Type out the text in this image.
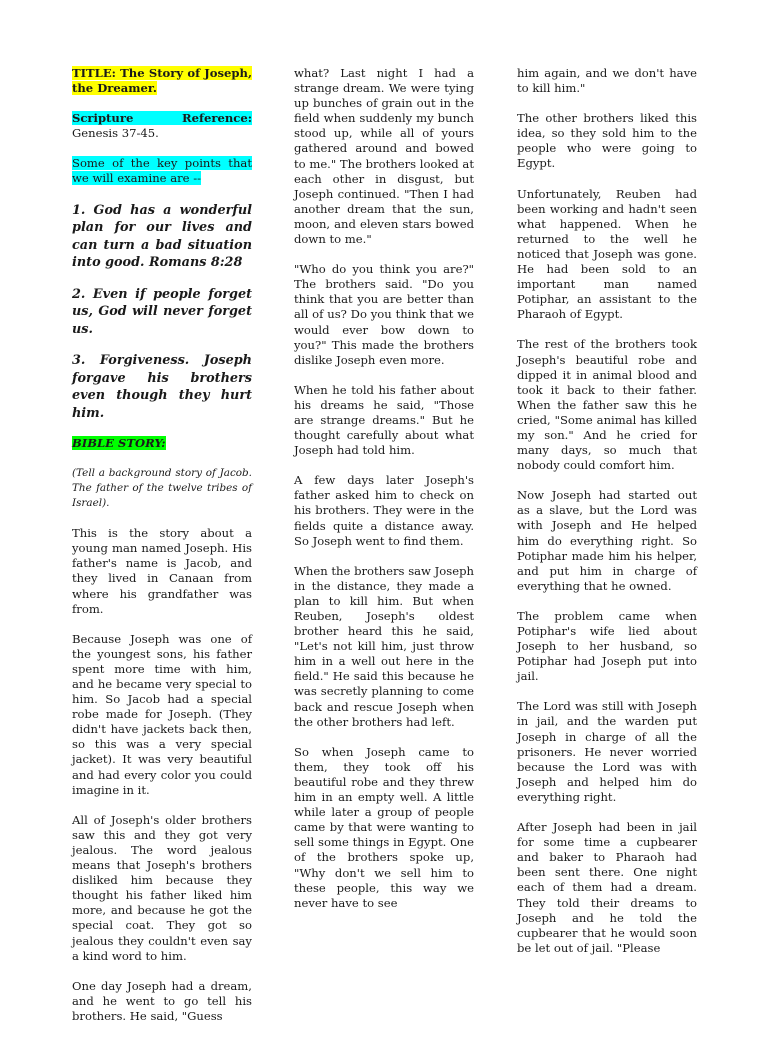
TITLE: The Story of Joseph, the Dreamer.

Scripture Reference: Genesis 37-45.

Some of the key points that we will examine are --

1. God has a wonderful plan for our lives and can turn a bad situation into good. Romans 8:28

2. Even if people forget us, God will never forget us.

3. Forgiveness. Joseph forgave his brothers even though they hurt him.

BIBLE STORY:

(Tell a background story of Jacob. The father of the twelve tribes of Israel).

This is the story about a young man named Joseph. His father's name is Jacob, and they lived in Canaan from where his grandfather was from.

Because Joseph was one of the youngest sons, his father spent more time with him, and he became very special to him. So Jacob had a special robe made for Joseph. (They didn't have jackets back then, so this was a very special jacket). It was very beautiful and had every color you could imagine in it.

All of Joseph's older brothers saw this and they got very jealous. The word jealous means that Joseph's brothers disliked him because they thought his father liked him more, and because he got the special coat. They got so jealous they couldn't even say a kind word to him.

One day Joseph had a dream, and he went to go tell his brothers. He said, "Guess

what? Last night I had a strange dream. We were tying up bunches of grain out in the field when suddenly my bunch stood up, while all of yours gathered around and bowed to me." The brothers looked at each other in disgust, but Joseph continued. "Then I had another dream that the sun, moon, and eleven stars bowed down to me."

"Who do you think you are?" The brothers said. "Do you think that you are better than all of us? Do you think that we would ever bow down to you?" This made the brothers dislike Joseph even more.

When he told his father about his dreams he said, "Those are strange dreams." But he thought carefully about what Joseph had told him.

A few days later Joseph's father asked him to check on his brothers. They were in the fields quite a distance away. So Joseph went to find them.

When the brothers saw Joseph in the distance, they made a plan to kill him. But when Reuben, Joseph's oldest brother heard this he said, "Let's not kill him, just throw him in a well out here in the field." He said this because he was secretly planning to come back and rescue Joseph when the other brothers had left.

So when Joseph came to them, they took off his beautiful robe and they threw him in an empty well. A little while later a group of people came by that were wanting to sell some things in Egypt. One of the brothers spoke up, "Why don't we sell him to these people, this way we never have to see

him again, and we don't have to kill him."

The other brothers liked this idea, so they sold him to the people who were going to Egypt.

Unfortunately, Reuben had been working and hadn't seen what happened. When he returned to the well he noticed that Joseph was gone. He had been sold to an important man named Potiphar, an assistant to the Pharaoh of Egypt.

The rest of the brothers took Joseph's beautiful robe and dipped it in animal blood and took it back to their father. When the father saw this he cried, "Some animal has killed my son." And he cried for many days, so much that nobody could comfort him.

Now Joseph had started out as a slave, but the Lord was with Joseph and He helped him do everything right. So Potiphar made him his helper, and put him in charge of everything that he owned.

The problem came when Potiphar's wife lied about Joseph to her husband, so Potiphar had Joseph put into jail.

The Lord was still with Joseph in jail, and the warden put Joseph in charge of all the prisoners. He never worried because the Lord was with Joseph and helped him do everything right.

After Joseph had been in jail for some time a cupbearer and baker to Pharaoh had been sent there. One night each of them had a dream. They told their dreams to Joseph and he told the cupbearer that he would soon be let out of jail. "Please
